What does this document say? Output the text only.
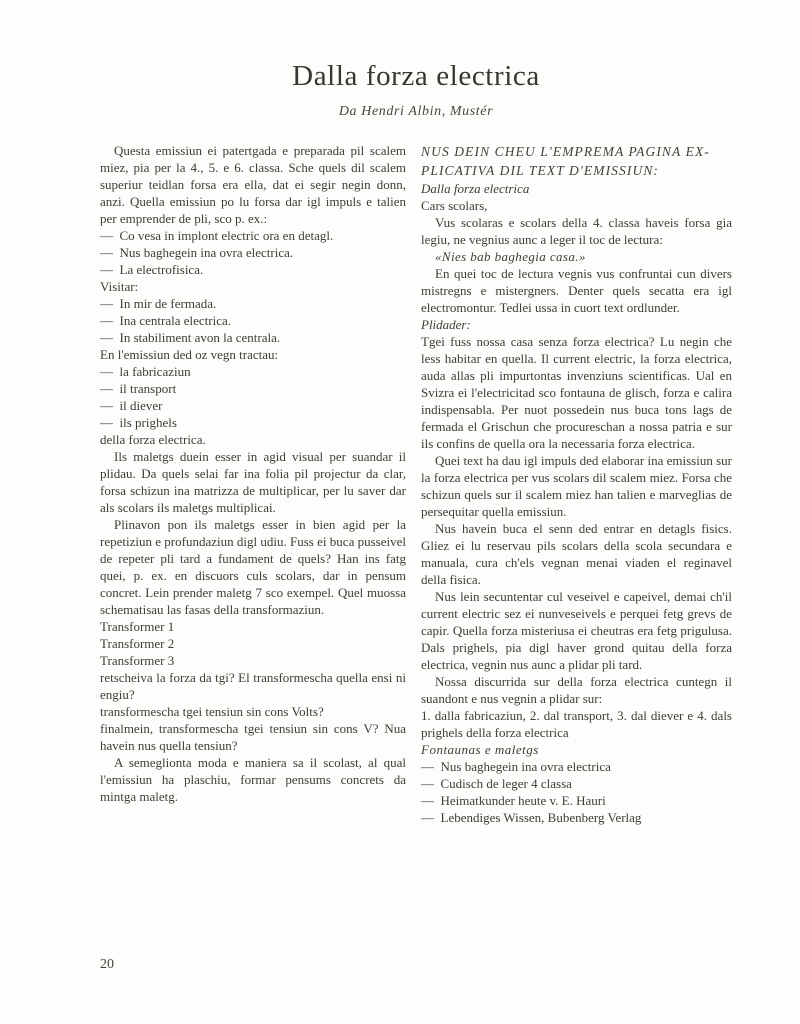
Dalla forza electrica
Da Hendri Albin, Mustér

Questa emissiun ei patertgada e preparada pil scalem miez, pia per la 4., 5. e 6. classa. Sche quels dil scalem superiur teidlan forsa era ella, dat ei segir negin donn, anzi. Quella emissiun po lu forsa dar igl impuls e talien per emprender de pli, sco p. ex.:

—  Co vesa in implont electric ora en detagl.

—  Nus baghegein ina ovra electrica.

—  La electrofisica.

Visitar:

—  In mir de fermada.

—  Ina centrala electrica.

—  In stabiliment avon la centrala.

En l'emissiun ded oz vegn tractau:

—  la fabricaziun

—  il transport

—  il diever

—  ils prighels

della forza electrica.

Ils maletgs duein esser in agid visual per suandar il plidau. Da quels selai far ina folia pil projectur da clar, forsa schizun ina matrizza de multiplicar, per lu saver dar als scolars ils maletgs multiplicai.

Plinavon pon ils maletgs esser in bien agid per la repetiziun e profundaziun digl udiu. Fuss ei buca pusseivel de repeter pli tard a fundament de quels? Han ins fatg quei, p. ex. en discuors culs scolars, dar in pensum concret. Lein prender maletg 7 sco exempel. Quel muossa schematisau las fasas della transformaziun.

Transformer 1

Transformer 2

Transformer 3

retscheiva la forza da tgi? El transformescha quella ensi ni engiu?

transformescha tgei tensiun sin cons Volts?

finalmein, transformescha tgei tensiun sin cons V? Nua havein nus quella tensiun?

A semeglionta moda e maniera sa il scolast, al qual l'emissiun ha plaschiu, formar pensums concrets da mintga maletg.

NUS DEIN CHEU L'EMPREMA PAGINA EX-PLICATIVA DIL TEXT D'EMISSIUN:

Dalla forza electrica

Cars scolars,

Vus scolaras e scolars della 4. classa haveis forsa gia legiu, ne vegnius aunc a leger il toc de lectura:
«Nies bab baghegia casa.»

En quei toc de lectura vegnis vus confruntai cun divers mistregns e mistergners. Denter quels secatta era igl electromontur. Tedlei ussa in cuort text ordlunder.

Plidader:

Tgei fuss nossa casa senza forza electrica? Lu negin che less habitar en quella. Il current electric, la forza electrica, auda allas pli impurtontas invenziuns scientificas. Ual en Svizra ei l'electricitad sco fontauna de glisch, forza e calira indispensabla. Per nuot possedein nus buca tons lags de fermada el Grischun che procureschan a nossa patria e sur ils confins de quella ora la necessaria forza electrica.

Quei text ha dau igl impuls ded elaborar ina emissiun sur la forza electrica per vus scolars dil scalem miez. Forsa che schizun quels sur il scalem miez han talien e marveglias de persequitar quella emissiun.

Nus havein buca el senn ded entrar en detagls fisics. Gliez ei lu reservau pils scolars della scola secundara e manuala, cura ch'els vegnan menai viaden el reginavel della fisica.

Nus lein secuntentar cul veseivel e capeivel, demai ch'il current electric sez ei nunveseivels e perquei fetg grevs de capir. Quella forza misteriusa ei cheutras era fetg prigulusa. Dals prighels, pia digl haver grond quitau della forza electrica, vegnin nus aunc a plidar pli tard.

Nossa discurrida sur della forza electrica cuntegn il suandont e nus vegnin a plidar sur:

1. dalla fabricaziun, 2. dal transport, 3. dal diever e 4. dals prighels della forza electrica

Fontaunas e maletgs

—  Nus baghegein ina ovra electrica

—  Cudisch de leger 4 classa

—  Heimatkunder heute v. E. Hauri

—  Lebendiges Wissen, Bubenberg Verlag

20
